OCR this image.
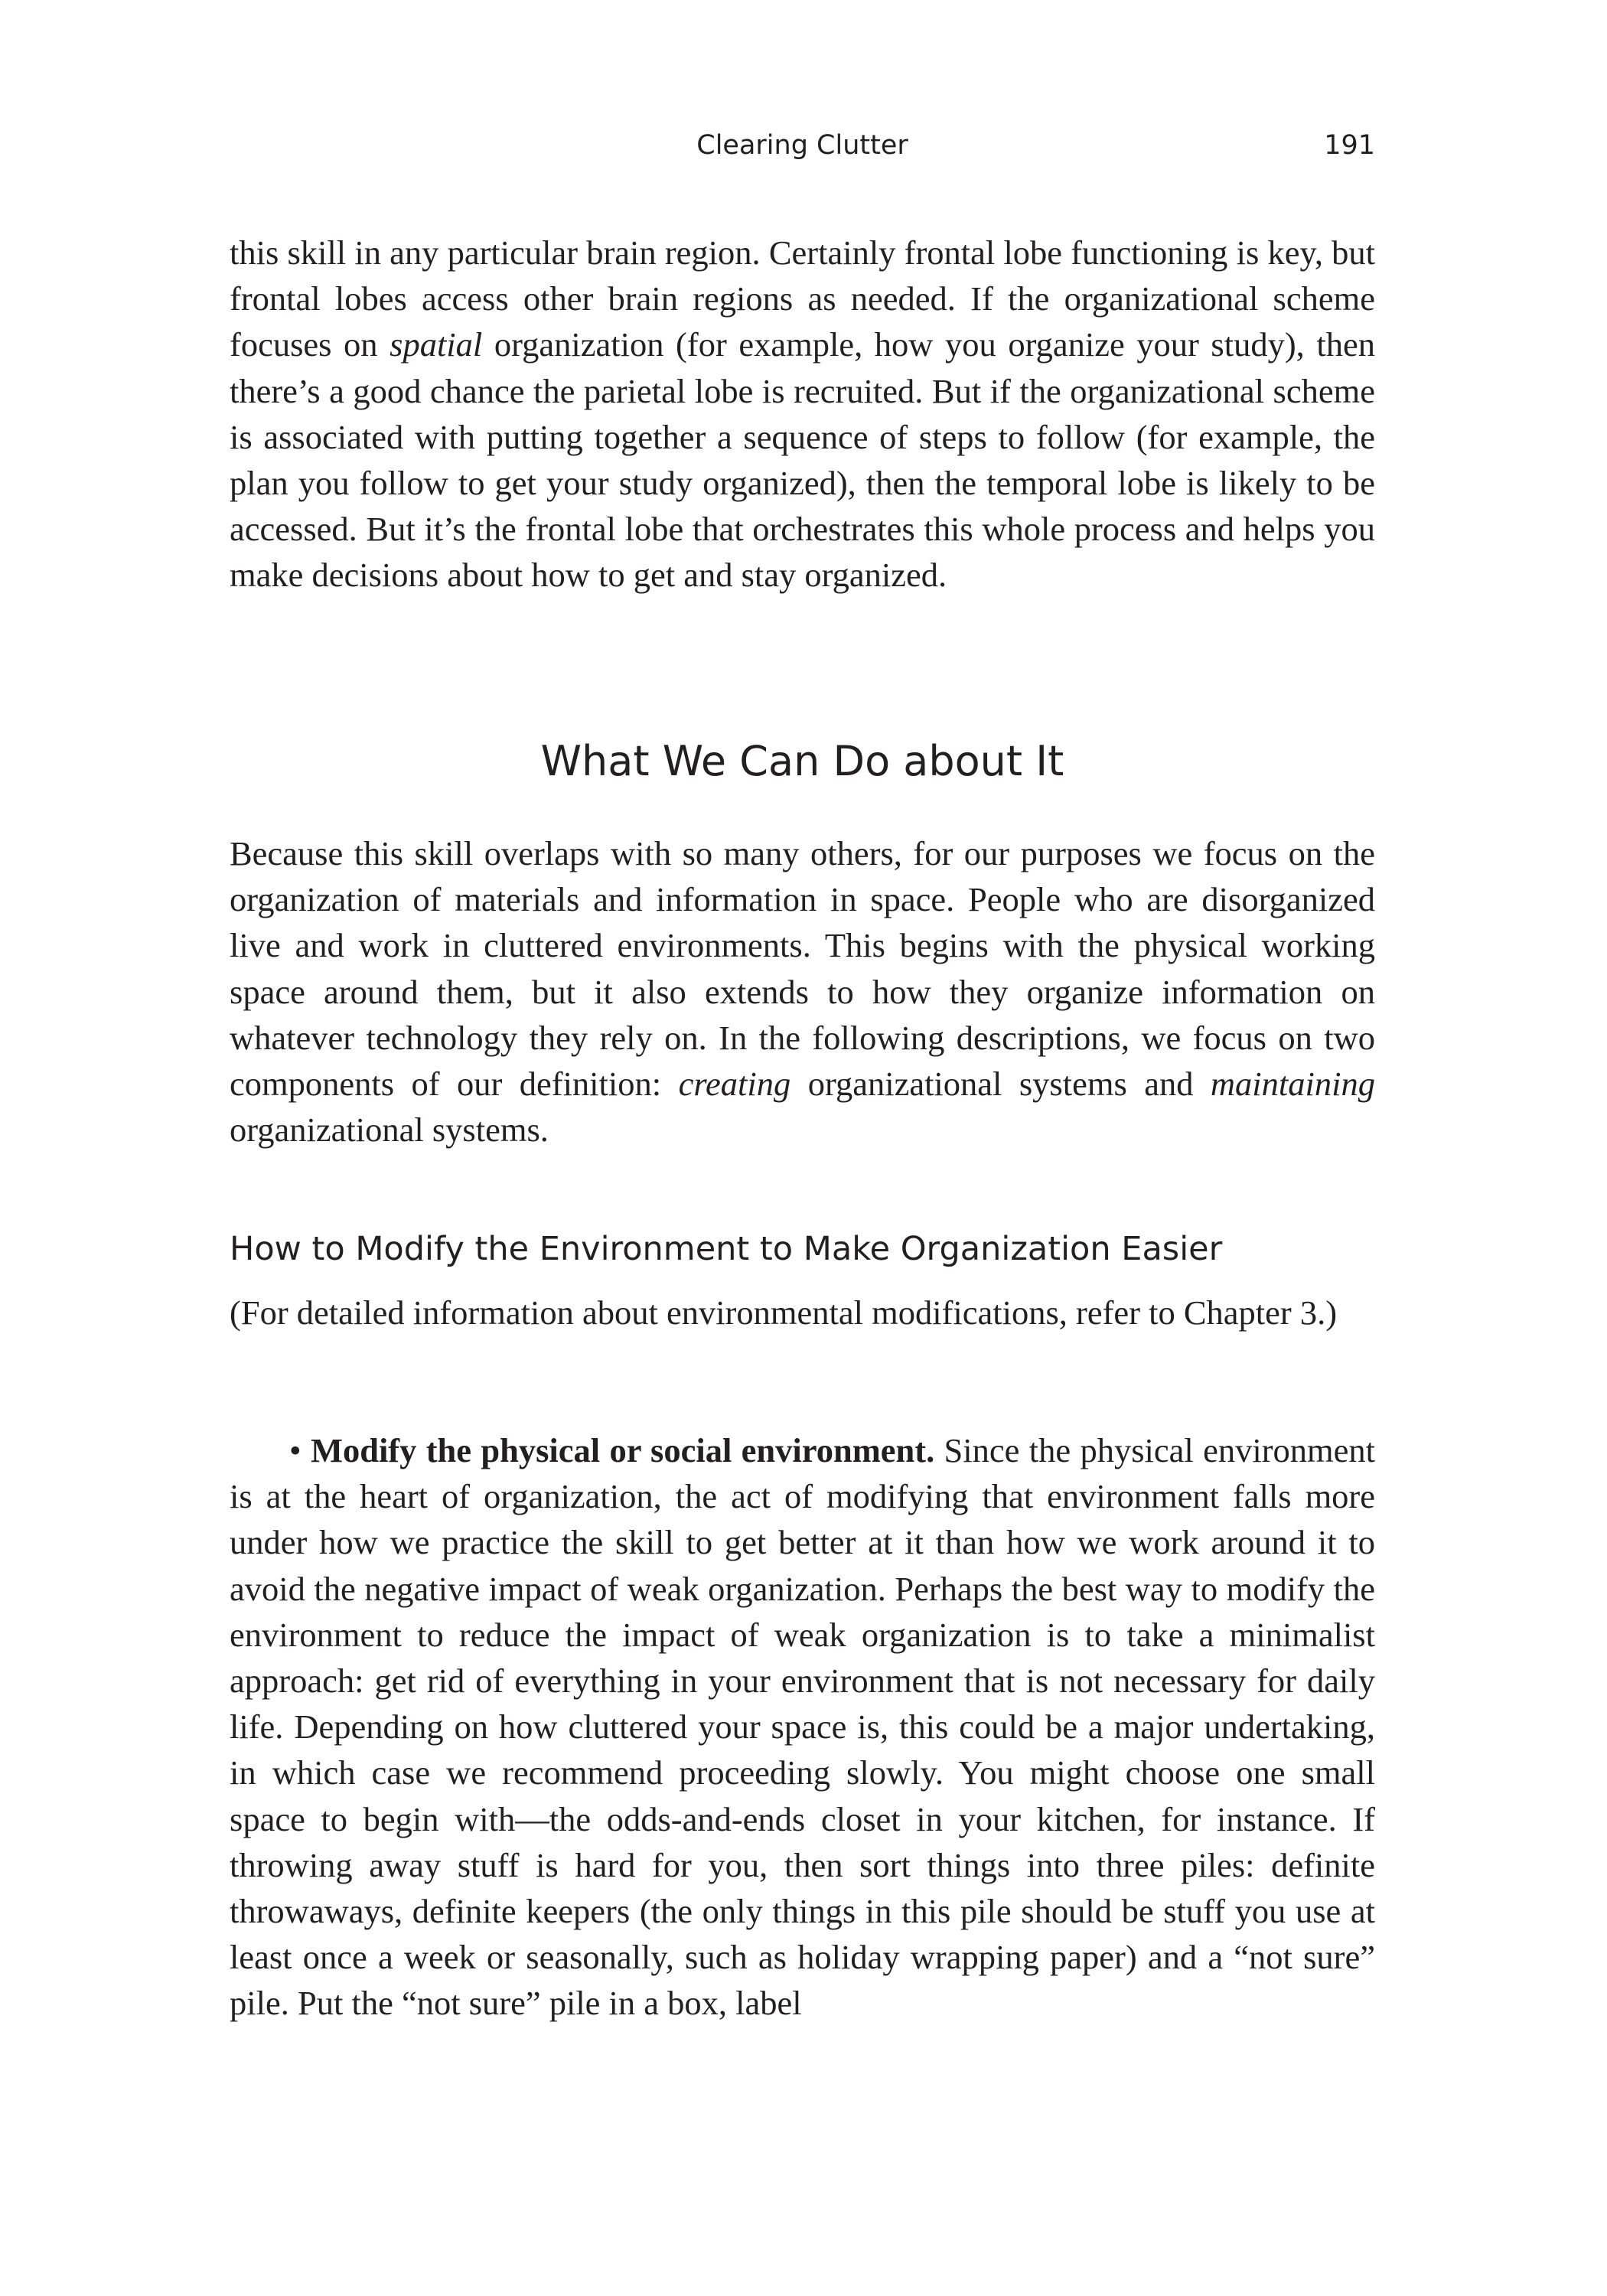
Clearing Clutter	191

this skill in any particular brain region. Certainly frontal lobe functioning is key, but frontal lobes access other brain regions as needed. If the organizational scheme focuses on spatial organization (for example, how you organize your study), then there’s a good chance the parietal lobe is recruited. But if the organizational scheme is associated with putting together a sequence of steps to follow (for example, the plan you follow to get your study organized), then the temporal lobe is likely to be accessed. But it’s the frontal lobe that orchestrates this whole process and helps you make decisions about how to get and stay organized.

What We Can Do about It

Because this skill overlaps with so many others, for our purposes we focus on the organization of materials and information in space. People who are disorganized live and work in cluttered environments. This begins with the physical working space around them, but it also extends to how they organize information on whatever technology they rely on. In the following descriptions, we focus on two components of our definition: creating organizational systems and maintaining organizational systems.

How to Modify the Environment to Make Organization Easier

(For detailed information about environmental modifications, refer to Chapter 3.)

• Modify the physical or social environment. Since the physical environment is at the heart of organization, the act of modifying that environment falls more under how we practice the skill to get better at it than how we work around it to avoid the negative impact of weak organization. Perhaps the best way to modify the environment to reduce the impact of weak organization is to take a minimalist approach: get rid of everything in your environment that is not necessary for daily life. Depending on how cluttered your space is, this could be a major undertaking, in which case we recommend proceeding slowly. You might choose one small space to begin with—the odds-and-ends closet in your kitchen, for instance. If throwing away stuff is hard for you, then sort things into three piles: definite throwaways, definite keepers (the only things in this pile should be stuff you use at least once a week or seasonally, such as holiday wrapping paper) and a “not sure” pile. Put the “not sure” pile in a box, label
